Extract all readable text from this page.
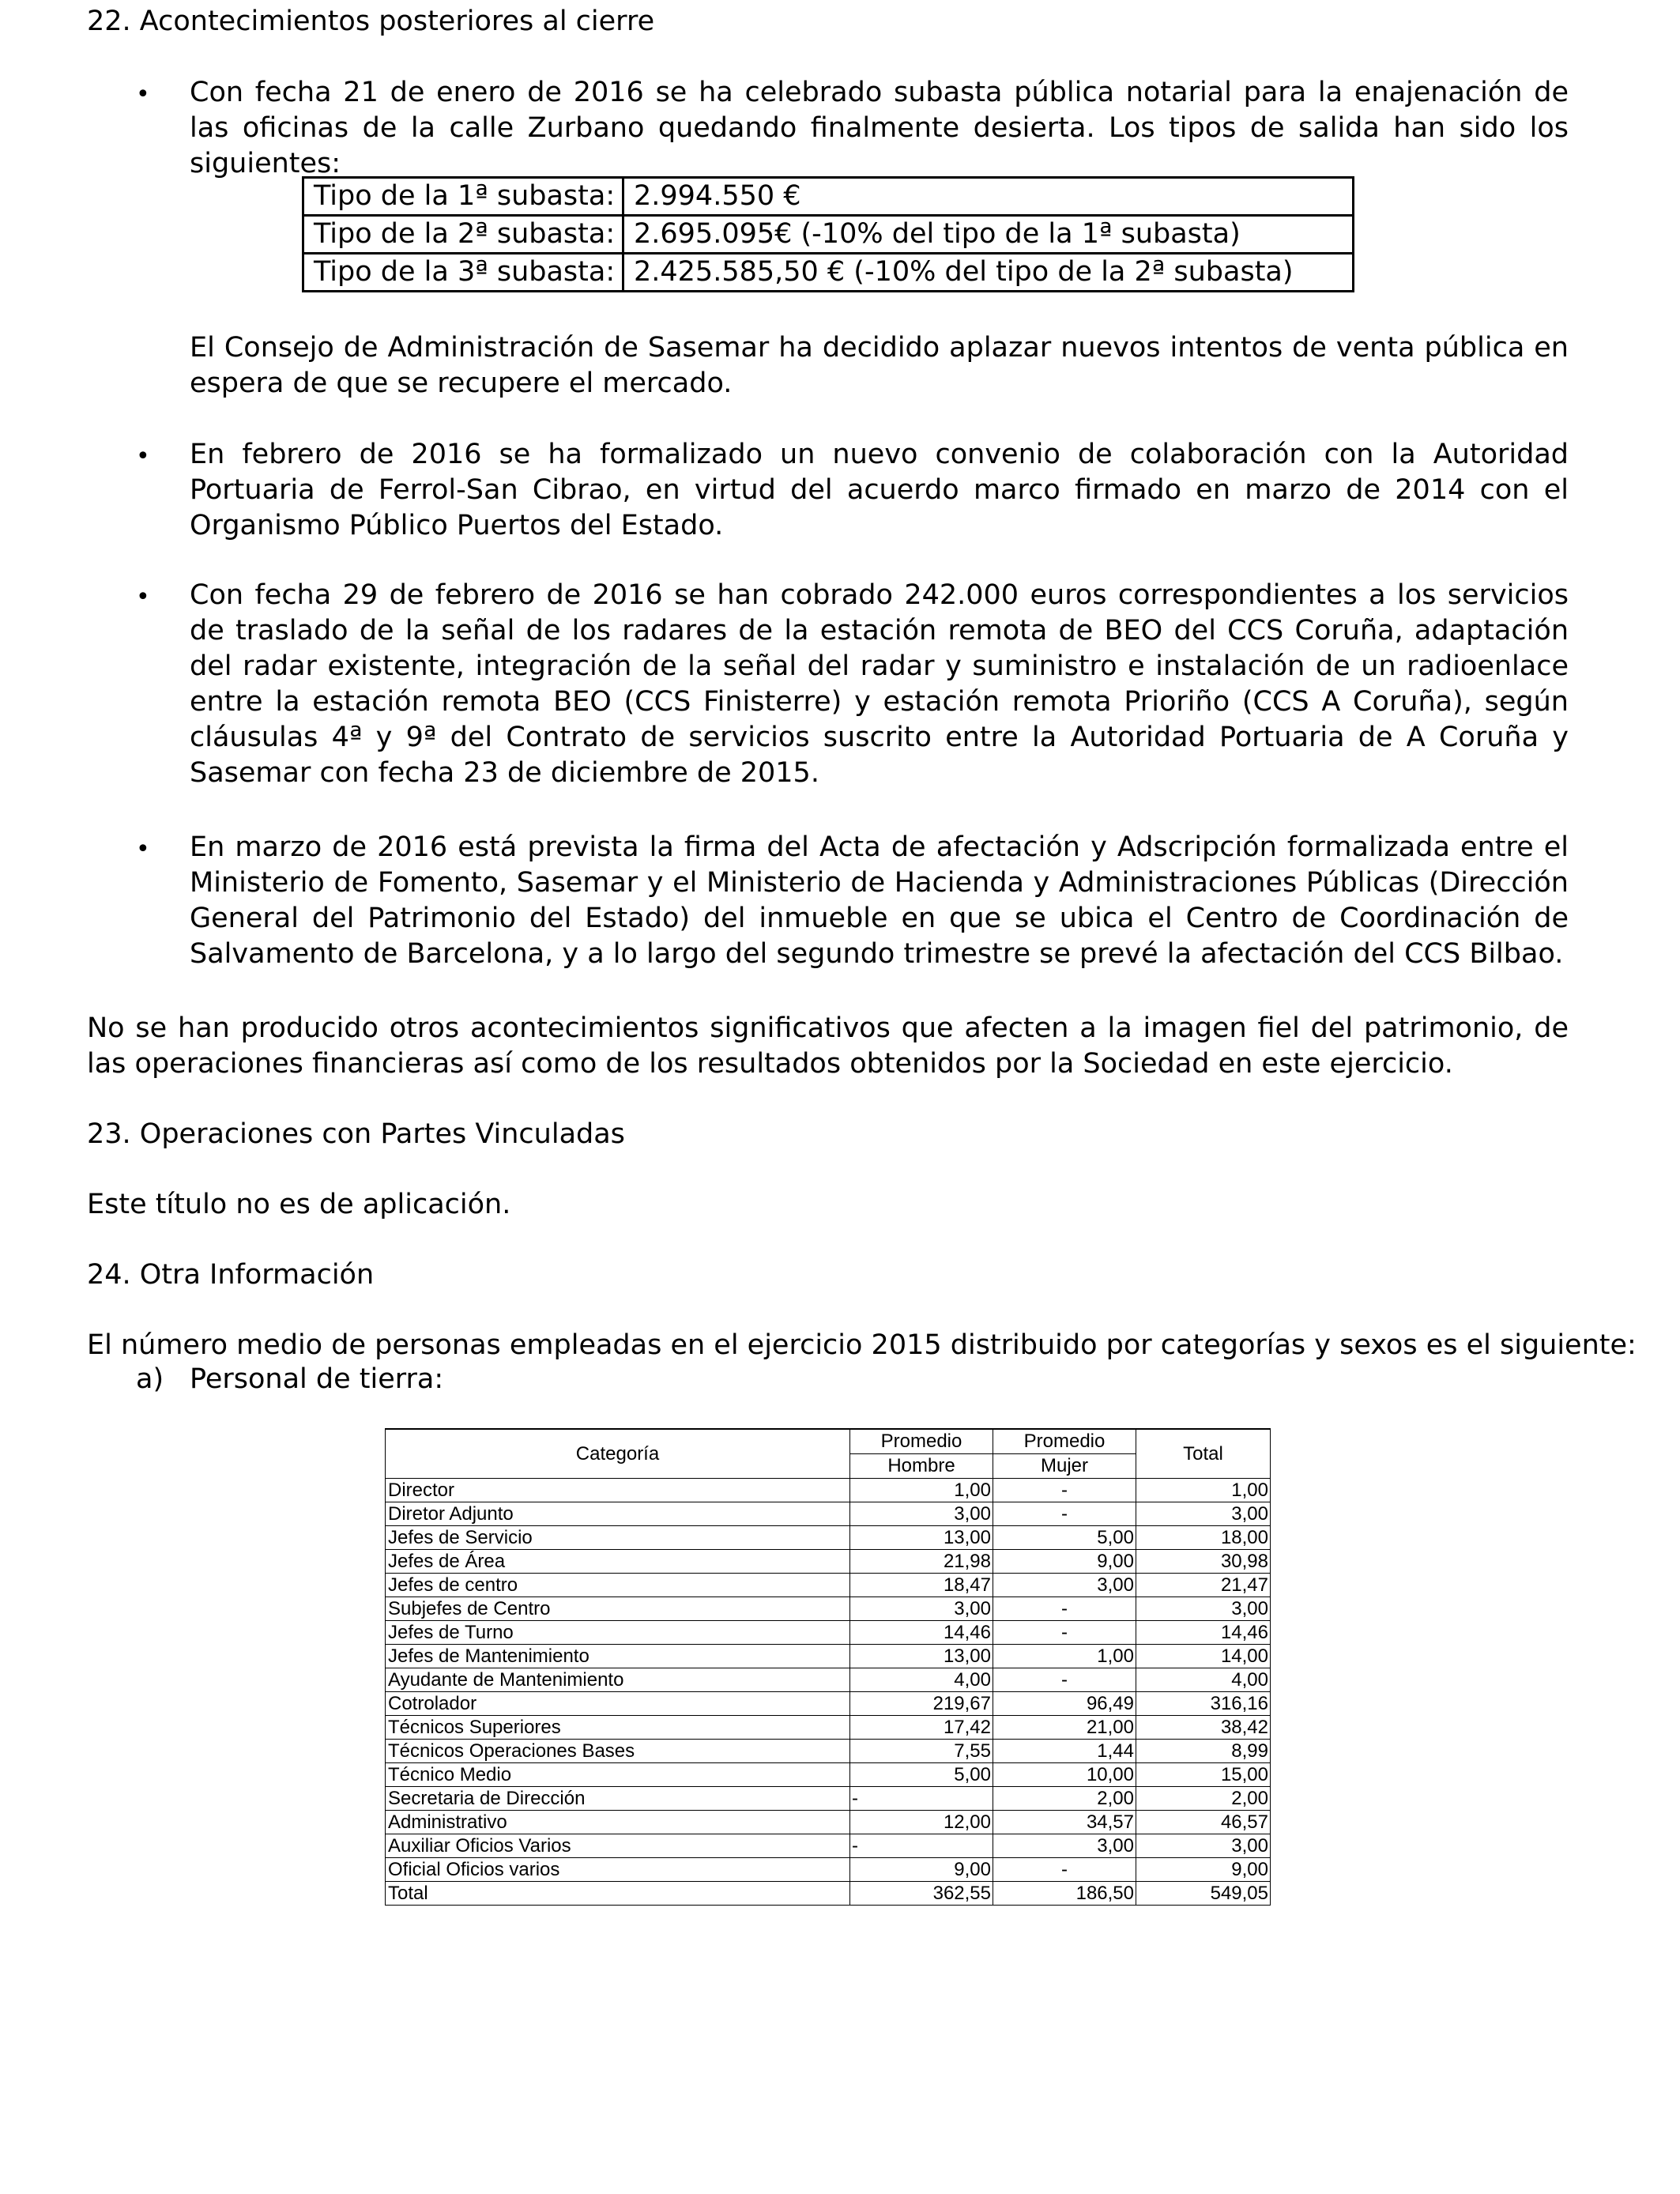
22. Acontecimientos posteriores al cierre

• Con fecha 21 de enero de 2016 se ha celebrado subasta pública notarial para la enajenación de las oficinas de la calle Zurbano quedando finalmente desierta. Los tipos de salida han sido los siguientes:

Tipo de la 1ª subasta:	2.994.550 €
Tipo de la 2ª subasta:	2.695.095€ (-10% del tipo de la 1ª subasta)
Tipo de la 3ª subasta:	2.425.585,50 € (-10% del tipo de la 2ª subasta)

El Consejo de Administración de Sasemar ha decidido aplazar nuevos intentos de venta pública en espera de que se recupere el mercado.

• En febrero de 2016 se ha formalizado un nuevo convenio de colaboración con la Autoridad Portuaria de Ferrol-San Cibrao, en virtud del acuerdo marco firmado en marzo de 2014 con el Organismo Público Puertos del Estado.

• Con fecha 29 de febrero de 2016 se han cobrado 242.000 euros correspondientes a los servicios de traslado de la señal de los radares de la estación remota de BEO del CCS Coruña, adaptación del radar existente, integración de la señal del radar y suministro e instalación de un radioenlace entre la estación remota BEO (CCS Finisterre) y estación remota Prioriño (CCS A Coruña), según cláusulas 4ª y 9ª del Contrato de servicios suscrito entre la Autoridad Portuaria de A Coruña y Sasemar con fecha 23 de diciembre de 2015.

• En marzo de 2016 está prevista la firma del Acta de afectación y Adscripción formalizada entre el Ministerio de Fomento, Sasemar y el Ministerio de Hacienda y Administraciones Públicas (Dirección General del Patrimonio del Estado) del inmueble en que se ubica el Centro de Coordinación de Salvamento de Barcelona, y a lo largo del segundo trimestre se prevé la afectación del CCS Bilbao.

No se han producido otros acontecimientos significativos que afecten a la imagen fiel del patrimonio, de las operaciones financieras así como de los resultados obtenidos por la Sociedad en este ejercicio.

23. Operaciones con Partes Vinculadas

Este título no es de aplicación.

24. Otra Información

El número medio de personas empleadas en el ejercicio 2015 distribuido por categorías y sexos es el siguiente:

a) Personal de tierra:
Categoría	Promedio	Promedio	Total
	Hombre	Mujer	
Director	1,00	-	1,00
Diretor Adjunto	3,00	-	3,00
Jefes de Servicio	13,00	5,00	18,00
Jefes de Área	21,98	9,00	30,98
Jefes de centro	18,47	3,00	21,47
Subjefes de Centro	3,00	-	3,00
Jefes de Turno	14,46	-	14,46
Jefes de Mantenimiento	13,00	1,00	14,00
Ayudante de Mantenimiento	4,00	-	4,00
Cotrolador	219,67	96,49	316,16
Técnicos Superiores	17,42	21,00	38,42
Técnicos Operaciones Bases	7,55	1,44	8,99
Técnico Medio	5,00	10,00	15,00
Secretaria de Dirección	-	2,00	2,00
Administrativo	12,00	34,57	46,57
Auxiliar Oficios Varios	-	3,00	3,00
Oficial Oficios varios	9,00	-	9,00
Total	362,55	186,50	549,05
